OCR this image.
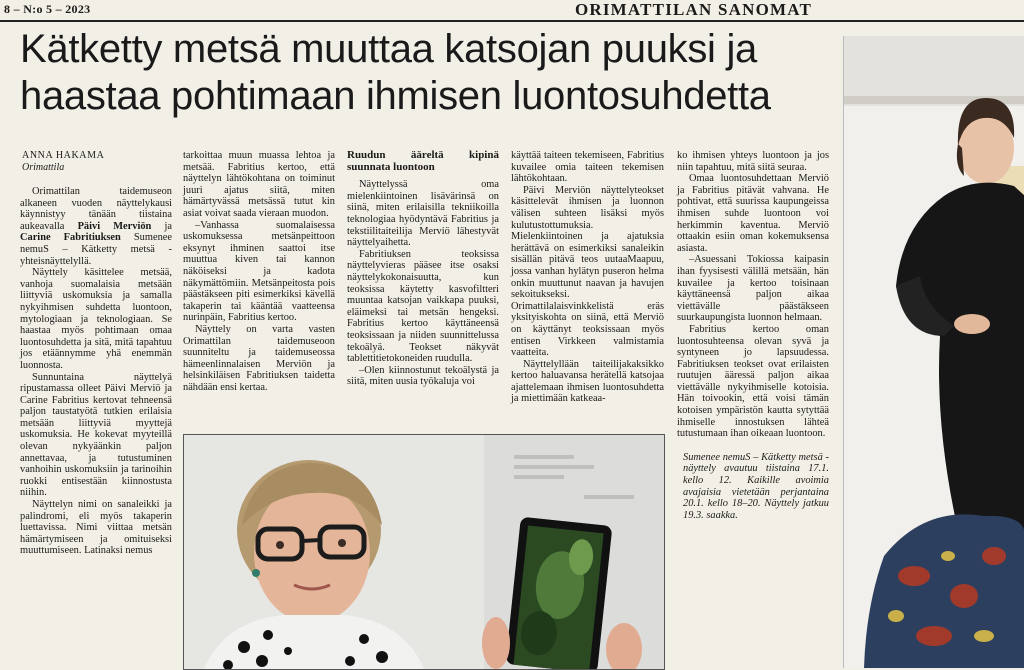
8 – N:o 5 – 2023	ORIMATTILAN SANOMAT
Kätketty metsä muuttaa katsojan puuksi ja haastaa pohtimaan ihmisen luontosuhdetta
ANNA HAKAMA
Orimattila

Orimattilan taidemuseon alkaneen vuoden näyttelykausi käynnistyy tänään tiistaina aukeavalla Päivi Merviön ja Carine Fabritiuksen Sumenee nemuS – Kätketty metsä -yhteisnäyttelyllä.

Näyttely käsittelee metsää, vanhoja suomalaisia metsään liittyviä uskomuksia ja samalla nykyihmisen suhdetta luontoon, mytologiaan ja teknologiaan. Se haastaa myös pohtimaan omaa luontosuhdetta ja sitä, mitä tapahtuu jos etäännymme yhä enemmän luonnosta.

Sunnuntaina näyttelyä ripustamassa olleet Päivi Merviö ja Carine Fabritius kertovat tehneensä paljon taustatyötä tutkien erilaisia metsään liittyviä myyttejä uskomuksia. He kokevat myyteillä olevan nykyäänkin paljon annettavaa, ja tutustuminen vanhoihin uskomuksiin ja tarinoihin ruokki entisestään kiinnostusta niihin.

Näyttelyn nimi on sanaleikki ja palindromi, eli myös takaperin luettavissa. Nimi viittaa metsän hämärtymiseen ja omituiseksi muuttumiseen. Latinaksi nemus

tarkoittaa muun muassa lehtoa ja metsää. Fabritius kertoo, että näyttelyn lähtökohtana on toiminut juuri ajatus siitä, miten hämärtyvässä metsässä tutut kin asiat voivat saada vieraan muodon.

–Vanhassa suomalaisessa uskomuksessa metsänpeittoon eksynyt ihminen saattoi itse muuttua kiven tai kannon näköiseksi ja kadota näkymättömiin. Metsänpeitosta pois päästäkseen piti esimerkiksi kävellä takaperin tai kääntää vaatteensa nurinpäin, Fabritius kertoo.

Näyttely on varta vasten Orimattilan taidemuseoon suunniteltu ja taidemuseossa hämeenlinnalaisen Merviön ja helsinkiläisen Fabritiuksen taidetta nähdään ensi kertaa.

Ruudun ääreltä kipinä suunnata luontoon

Näyttelyssä oma mielenkiintoinen lisävärinsä on siinä, miten erilaisilla tekniikoilla teknologiaa hyödyntävä Fabritius ja tekstiilitaiteilija Merviö lähestyvät näyttelyaihetta.

Fabritiuksen teoksissa näyttelyvieras pääsee itse osaksi näyttelykokonaisuutta, kun teoksissa käytetty kasvofiltteri muuntaa katsojan vaikkapa puuksi, eläimeksi tai metsän hengeksi. Fabritius kertoo käyttäneensä teoksissaan ja niiden suunnittelussa tekoälyä. Teokset näkyvät tablettitietokoneiden ruudulla.

–Olen kiinnostunut tekoälystä ja siitä, miten uusia työkaluja voi

käyttää taiteen tekemiseen, Fabritius kuvailee omia taiteen tekemisen lähtökohtaan.

Päivi Merviön näyttelyteokset käsittelevät ihmisen ja luonnon välisen suhteen lisäksi myös kulutustottumuksia. Mielenkiintoinen ja ajatuksia herättävä on esimerkiksi sanaleikin sisällän pitävä teos uutaaMaapuu, jossa vanhan hylätyn puseron helma onkin muuttunut naavan ja havujen sekoitukseksi. Orimattilalaisvinkkelistä eräs yksityiskohta on siinä, että Merviö on käyttänyt teoksissaan myös entisen Virkkeen valmistamia vaatteita.

Näyttelyllään taiteilijakaksikko kertoo haluavansa herätellä katsojaa ajattelemaan ihmisen luontosuhdetta ja miettimään katkeaa-

ko ihmisen yhteys luontoon ja jos niin tapahtuu, mitä siitä seuraa.

Omaa luontosuhdettaan Merviö ja Fabritius pitävät vahvana. He pohtivat, että suurissa kaupungeissa ihmisen suhde luontoon voi herkimmin kaventua. Merviö ottaakin esiin oman kokemuksensa asiasta.

–Asuessani Tokiossa kaipasin ihan fyysisesti välillä metsään, hän kuvailee ja kertoo toisinaan käyttäneensä paljon aikaa viettävälle päästäkseen suurkaupungista luonnon helmaan.

Fabritius kertoo oman luontosuhteensa olevan syvä ja syntyneen jo lapsuudessa. Fabritiuksen teokset ovat erilaisten ruutujen ääressä paljon aikaa viettävälle nykyihmiselle kotoisia. Hän toivookin, että voisi tämän kotoisen ympäristön kautta sytyttää ihmiselle innostuksen lähteä tutustumaan ihan oikeaan luontoon.

Sumenee nemuS – Kätketty metsä -näyttely avautuu tiistaina 17.1. kello 12. Kaikille avoimia avajaisia vietetään perjantaina 20.1. kello 18–20. Näyttely jatkuu 19.3. saakka.
